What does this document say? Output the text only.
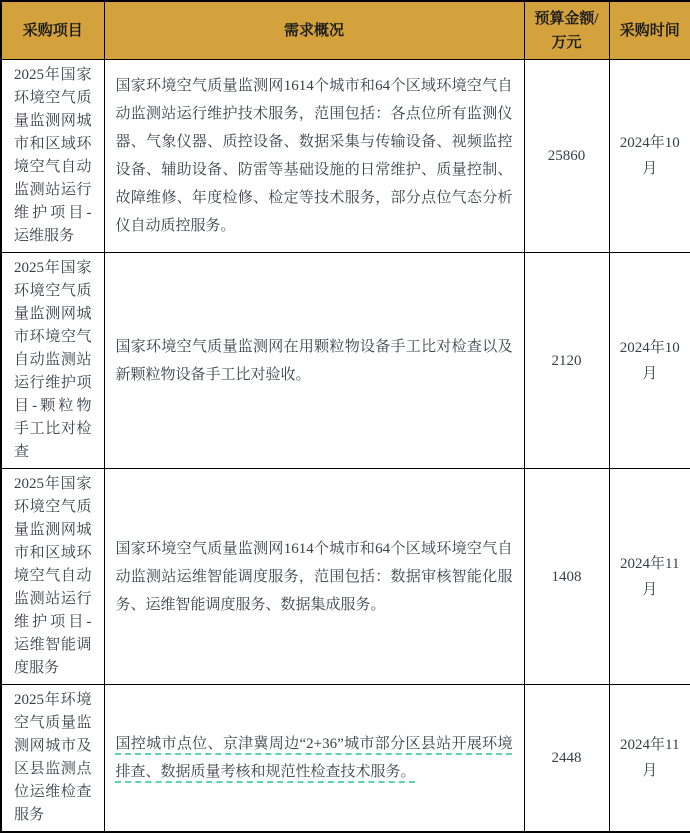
采购项目	需求概况	预算金额/万元	采购时间
2025年国家环境空气质量监测网城市和区域环境空气自动监测站运行维护项目-运维服务	国家环境空气质量监测网1614个城市和64个区域环境空气自动监测站运行维护技术服务，范围包括：各点位所有监测仪器、气象仪器、质控设备、数据采集与传输设备、视频监控设备、辅助设备、防雷等基础设施的日常维护、质量控制、故障维修、年度检修、检定等技术服务，部分点位气态分析仪自动质控服务。	25860	2024年10月
2025年国家环境空气质量监测网城市环境空气自动监测站运行维护项目-颗粒物手工比对检查	国家环境空气质量监测网在用颗粒物设备手工比对检查以及新颗粒物设备手工比对验收。	2120	2024年10月
2025年国家环境空气质量监测网城市和区域环境空气自动监测站运行维护项目-运维智能调度服务	国家环境空气质量监测网1614个城市和64个区域环境空气自动监测站运维智能调度服务，范围包括：数据审核智能化服务、运维智能调度服务、数据集成服务。	1408	2024年11月
2025年环境空气质量监测网城市及区县监测点位运维检查服务	国控城市点位、京津冀周边“2+36”城市部分区县站开展环境排查、数据质量考核和规范性检查技术服务。	2448	2024年11月
